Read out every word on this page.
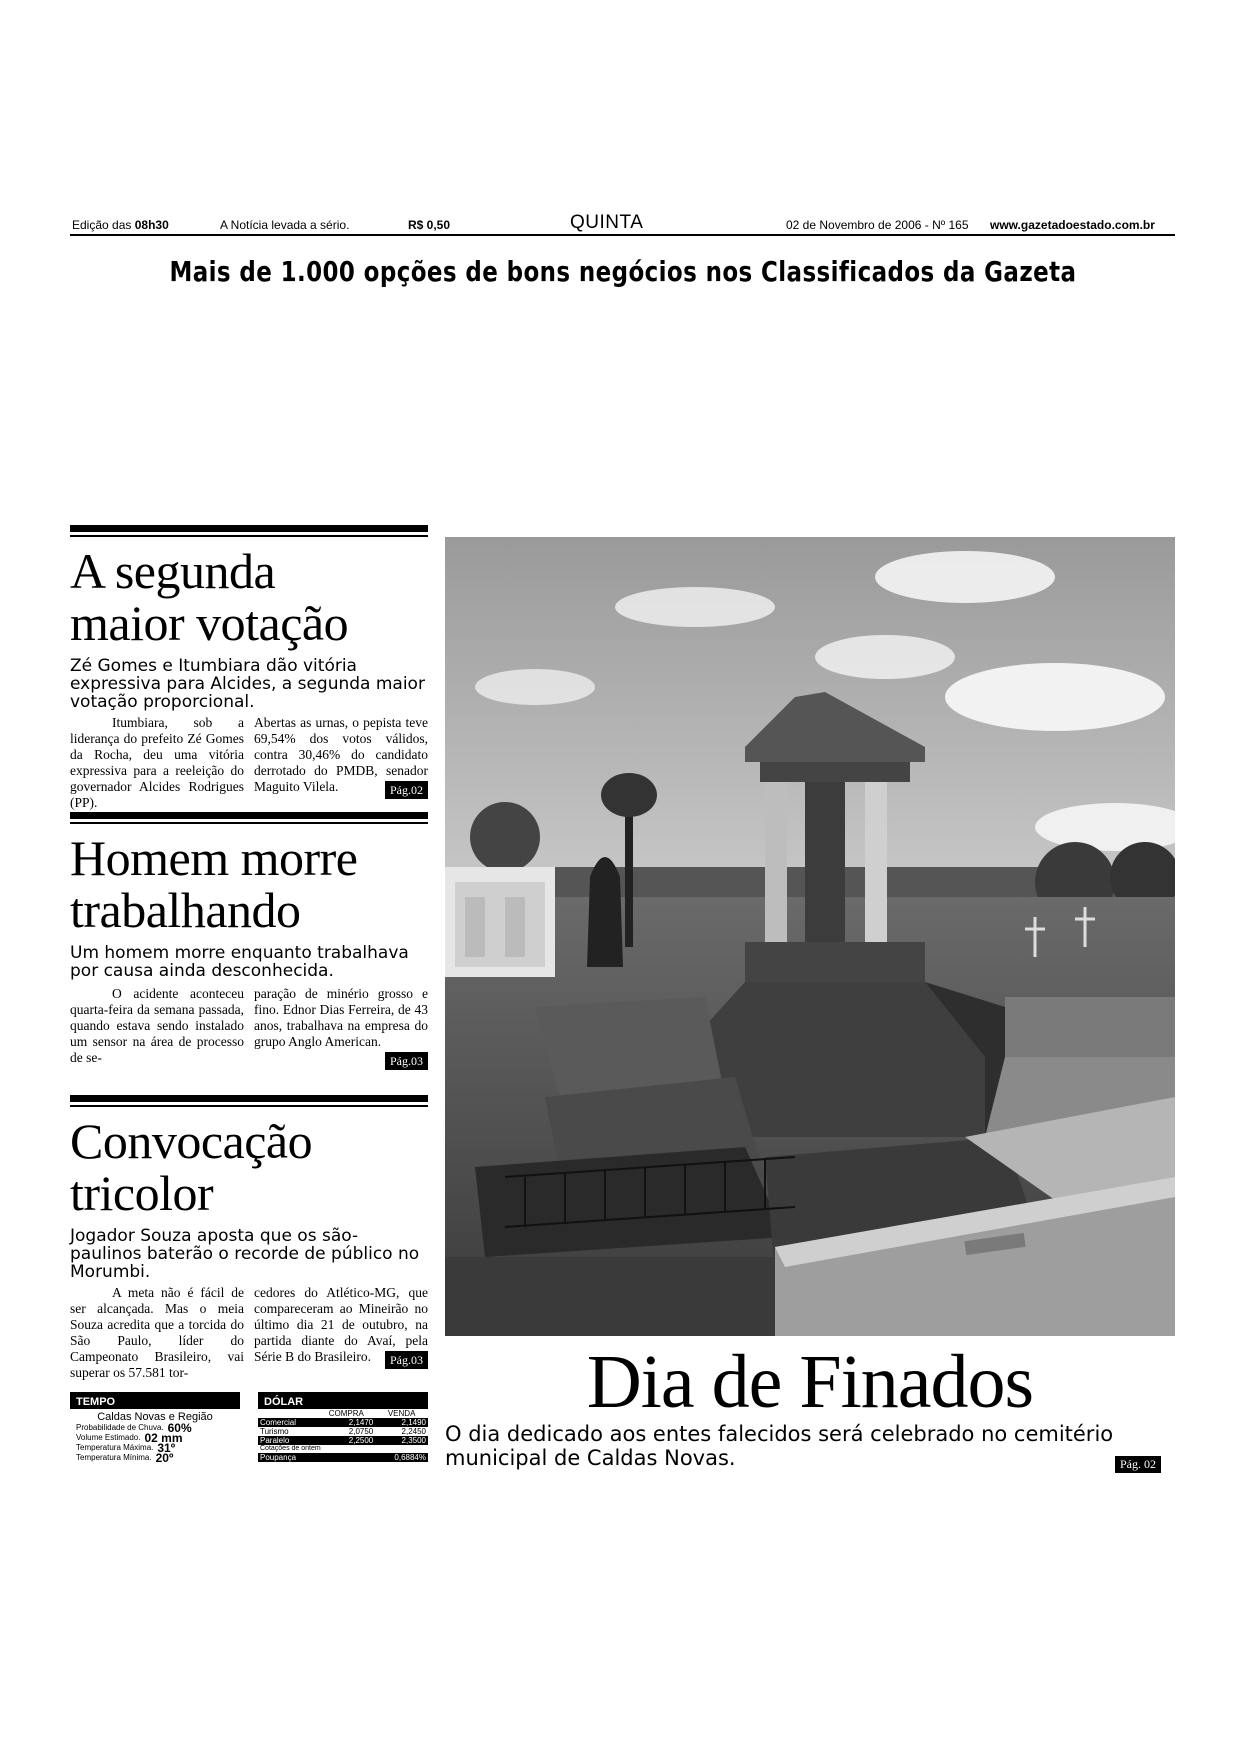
Edição das 08h30	A Notícia levada a sério.	R$ 0,50	QUINTA	02 de Novembro de 2006 - Nº 165 www.gazetadoestado.com.br
Mais de 1.000 opções de bons negócios nos Classificados da Gazeta
A segunda
maior votação
Zé Gomes e Itumbiara dão vitória expressiva para Alcides, a segunda maior votação proporcional.
Itumbiara, sob a liderança do prefeito Zé Gomes da Rocha, deu uma vitória expressiva para a reeleição do governador Alcides Rodrigues (PP).
Abertas as urnas, o pepista teve 69,54% dos votos válidos, contra 30,46% do candidato derrotado do PMDB, senador Maguito Vilela.	Pág.02
Homem morre
trabalhando
Um homem morre enquanto trabalhava por causa ainda desconhecida.
O acidente aconteceu quarta-feira da semana passada, quando estava sendo instalado um sensor na área de processo de se-
paração de minério grosso e fino. Ednor Dias Ferreira, de 43 anos, trabalhava na empresa do grupo Anglo American.
Pág.03
Convocação
tricolor
Jogador Souza aposta que os são-paulinos baterão o recorde de público no Morumbi.
A meta não é fácil de ser alcançada. Mas o meia Souza acredita que a torcida do São Paulo, líder do Campeonato Brasileiro, vai superar os 57.581 tor-
cedores do Atlético-MG, que compareceram ao Mineirão no último dia 21 de outubro, na partida diante do Avaí, pela Série B do Brasileiro.	Pág.03
TEMPO
Caldas Novas e Região
Probabilidade de Chuva. 60%
Volume Estimado. 02 mm
Temperatura Máxima. 31º
Temperatura Mínima. 20º
DÓLAR
	COMPRA	VENDA
Comercial	2,1470	2,1490
Turismo	2,0750	2,2450
Paralelo	2,2500	2,3500
Cotações de ontem		
Poupança		0,6884%
Dia de Finados
O dia dedicado aos entes falecidos será celebrado no cemitério municipal de Caldas Novas.	Pág. 02
